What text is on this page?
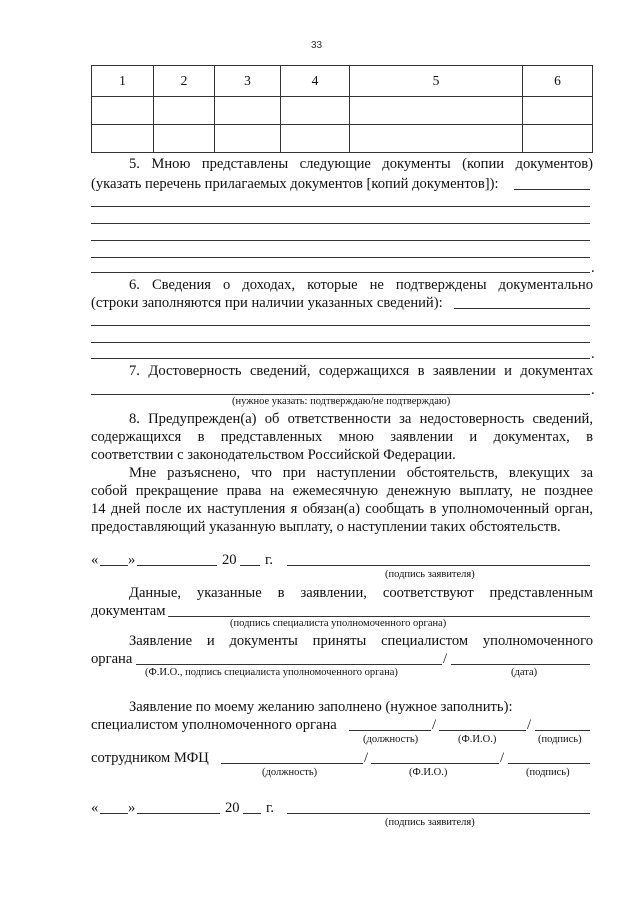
33
1	2	3	4	5	6

5. Мною представлены следующие документы (копии документов)
(указать перечень прилагаемых документов [копий документов]):
.
6. Сведения о доходах, которые не подтверждены документально
(строки заполняются при наличии указанных сведений):
.
7. Достоверность сведений, содержащихся в заявлении и документах
.
(нужное указать: подтверждаю/не подтверждаю)
8. Предупрежден(а) об ответственности за недостоверность сведений,
содержащихся в представленных мною заявлении и документах, в
соответствии с законодательством Российской Федерации.
Мне разъяснено, что при наступлении обстоятельств, влекущих за
собой прекращение права на ежемесячную денежную выплату, не позднее
14 дней после их наступления я обязан(а) сообщать в уполномоченный орган,
предоставляющий указанную выплату, о наступлении таких обстоятельств.
« »	20 г.
(подпись заявителя)
Данные, указанные в заявлении, соответствуют представленным
документам
(подпись специалиста уполномоченного органа)
Заявление и документы приняты специалистом уполномоченного
органа	/
(Ф.И.О., подпись специалиста уполномоченного органа)	(дата)
Заявление по моему желанию заполнено (нужное заполнить):
специалистом уполномоченного органа	/	/
(должность)	(Ф.И.О.)	(подпись)
сотрудником МФЦ	/	/
(должность)	(Ф.И.О.)	(подпись)
« »	20 г.
(подпись заявителя)
